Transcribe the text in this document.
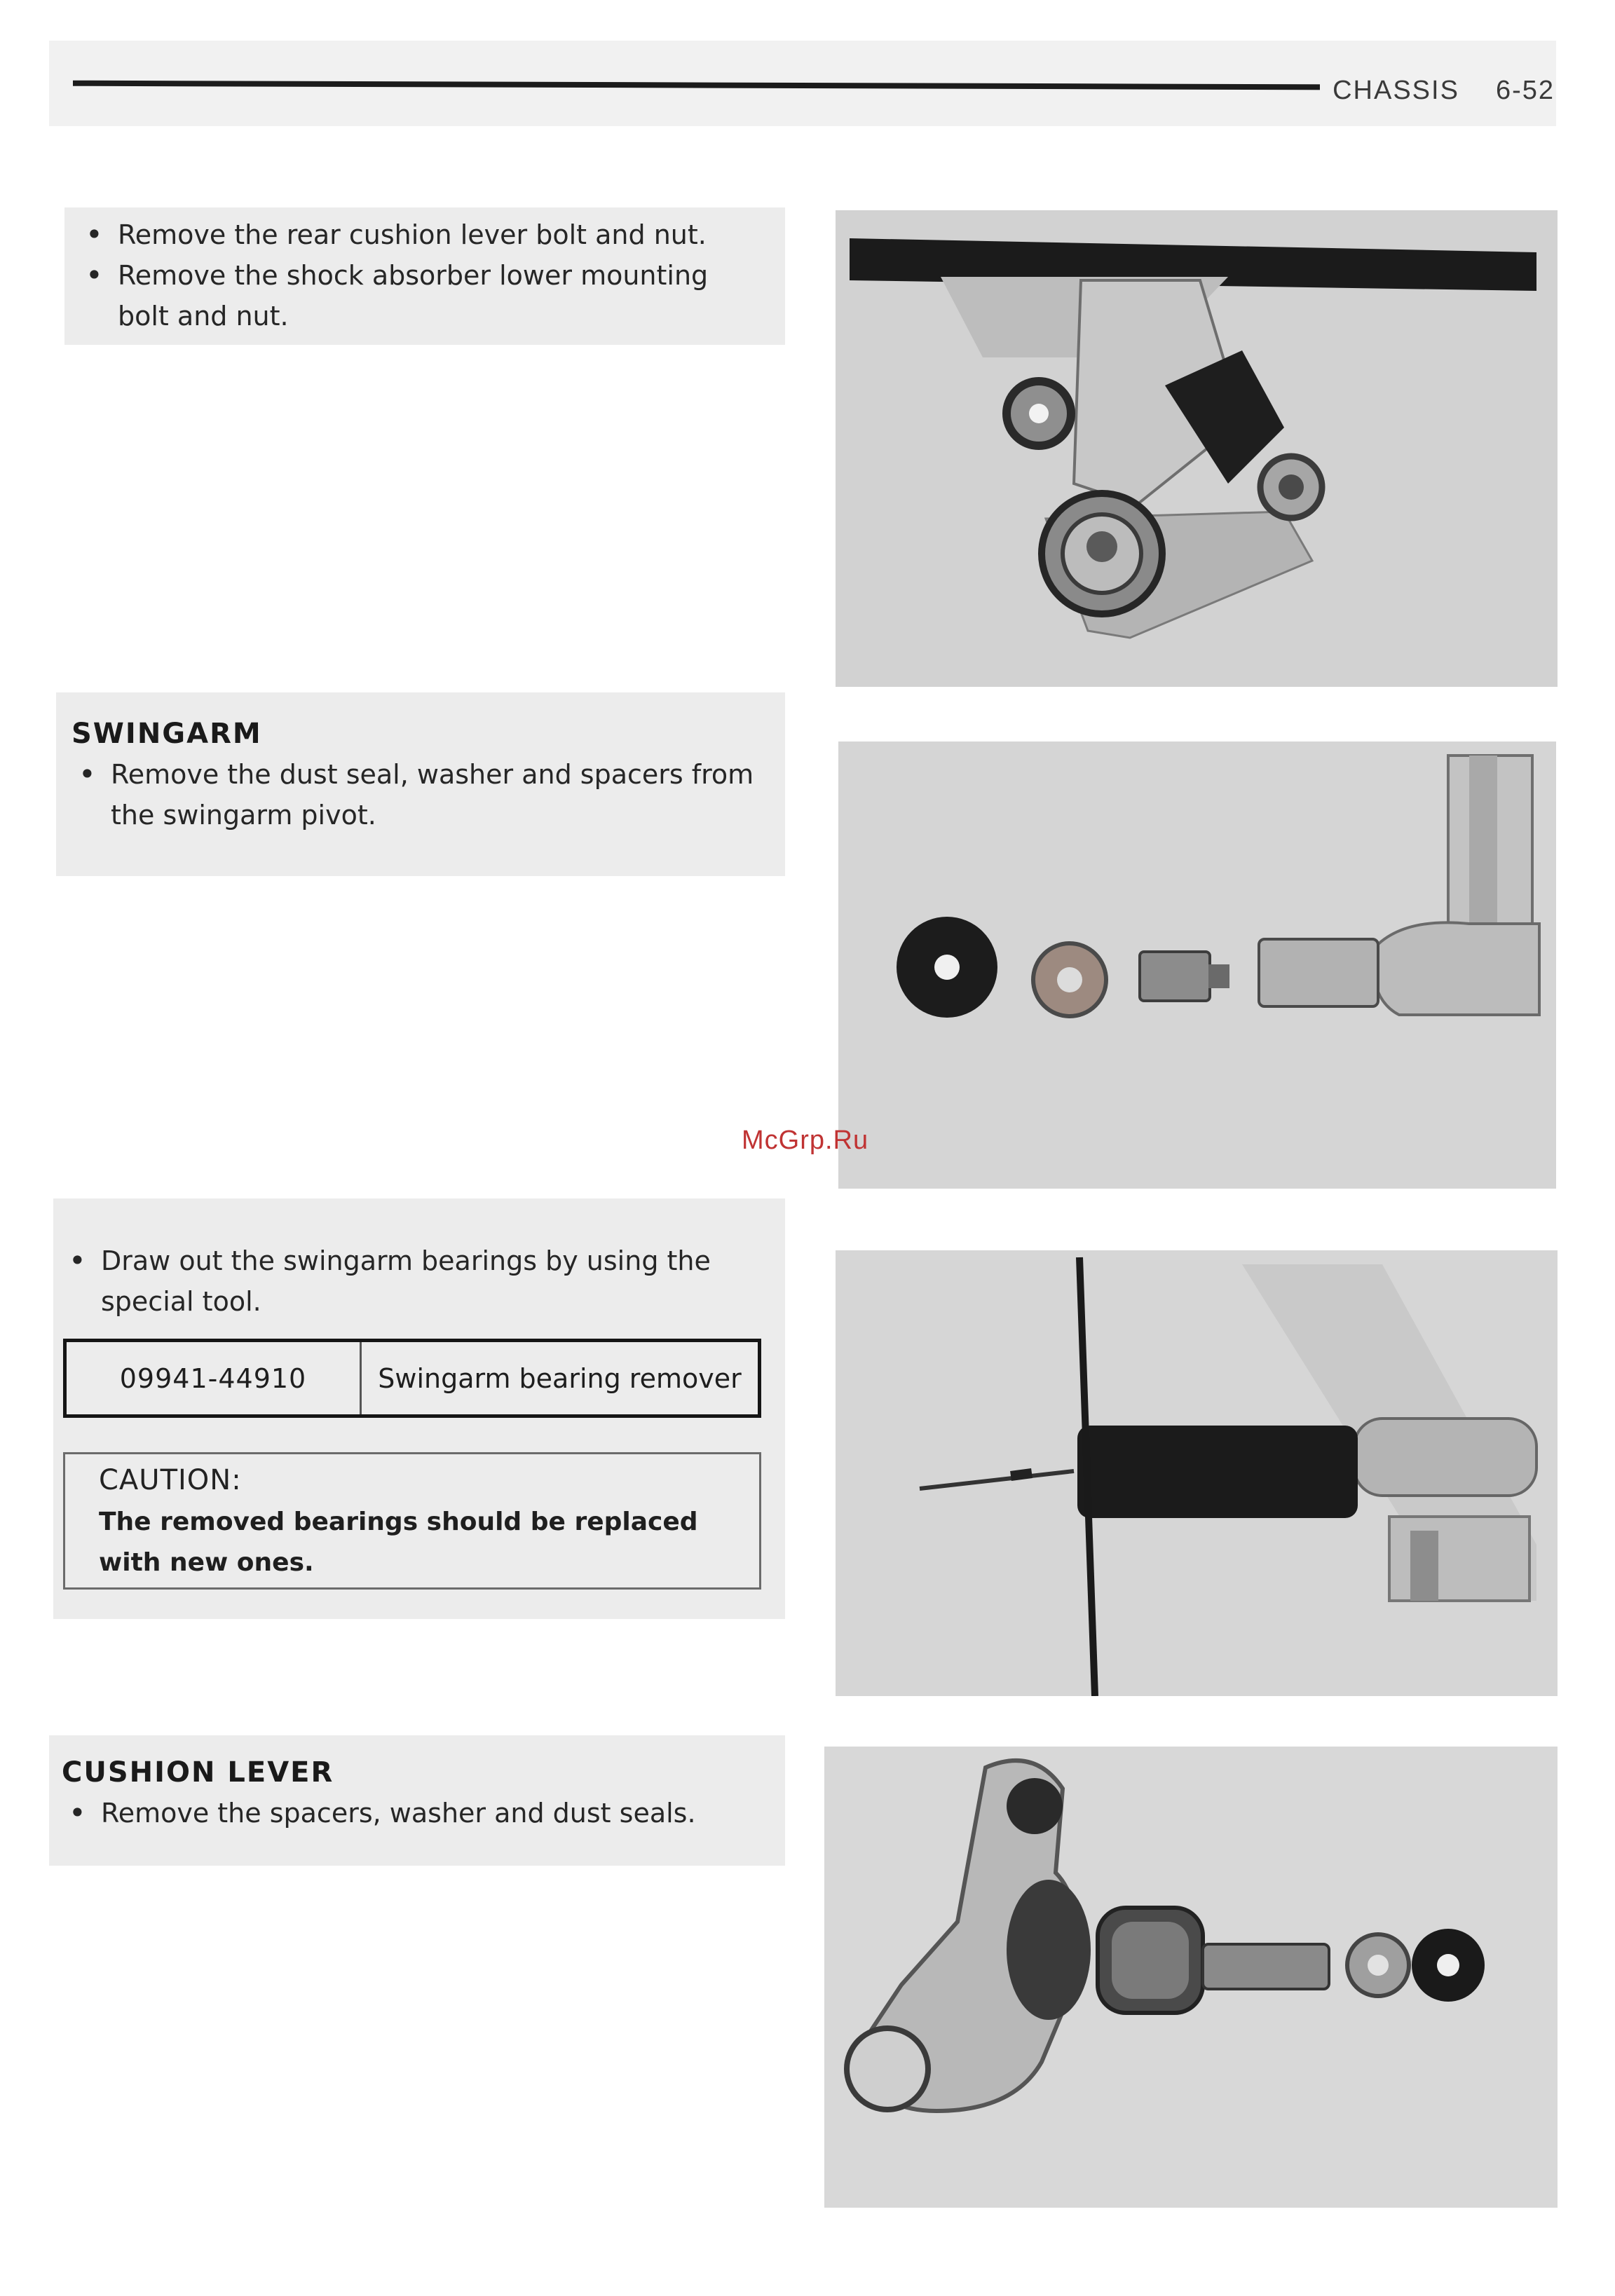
CHASSIS 6-52
• Remove the rear cushion lever bolt and nut.
• Remove the shock absorber lower mounting bolt and nut.
SWINGARM
• Remove the dust seal, washer and spacers from the swingarm pivot.
• Draw out the swingarm bearings by using the special tool.
09941-44910	Swingarm bearing remover
CAUTION:
The removed bearings should be replaced with new ones.
CUSHION LEVER
• Remove the spacers, washer and dust seals.
McGrp.Ru
